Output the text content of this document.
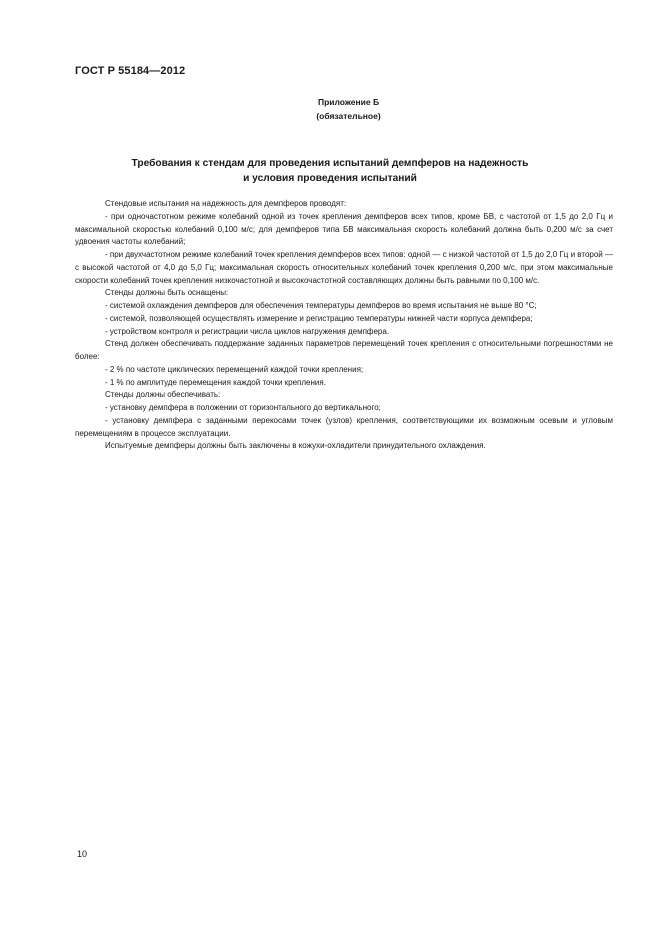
ГОСТ Р 55184—2012
Приложение Б
(обязательное)
Требования к стендам для проведения испытаний демпферов на надежность
и условия проведения испытаний
Стендовые испытания на надежность для демпферов проводят:
- при одночастотном режиме колебаний одной из точек крепления демпферов всех типов, кроме БВ, с частотой от 1,5 до 2,0 Гц и максимальной скоростью колебаний 0,100 м/с; для демпферов типа БВ максимальная скорость колебаний должна быть 0,200 м/с за счет удвоения частоты колебаний;
- при двухчастотном режиме колебаний точек крепления демпферов всех типов: одной — с низкой частотой от 1,5 до 2,0 Гц и второй — с высокой частотой от 4,0 до 5,0 Гц; максимальная скорость относительных колебаний точек крепления 0,200 м/с, при этом максимальные скорости колебаний точек крепления низкочастотной и высокочастотной составляющих должны быть равными по 0,100 м/с.
Стенды должны быть оснащены:
- системой охлаждения демпферов для обеспечения температуры демпферов во время испытания не выше 80 °С;
- системой, позволяющей осуществлять измерение и регистрацию температуры нижней части корпуса демпфера;
- устройством контроля и регистрации числа циклов нагружения демпфера.
Стенд должен обеспечивать поддержание заданных параметров перемещений точек крепления с относительными погрешностями не более:
- 2 % по частоте циклических перемещений каждой точки крепления;
- 1 % по амплитуде перемещения каждой точки крепления.
Стенды должны обеспечивать:
- установку демпфера в положении от горизонтального до вертикального;
- установку демпфера с заданными перекосами точек (узлов) крепления, соответствующими их возможным осевым и угловым перемещениям в процессе эксплуатации.
Испытуемые демпферы должны быть заключены в кожухи-охладители принудительного охлаждения.
10
